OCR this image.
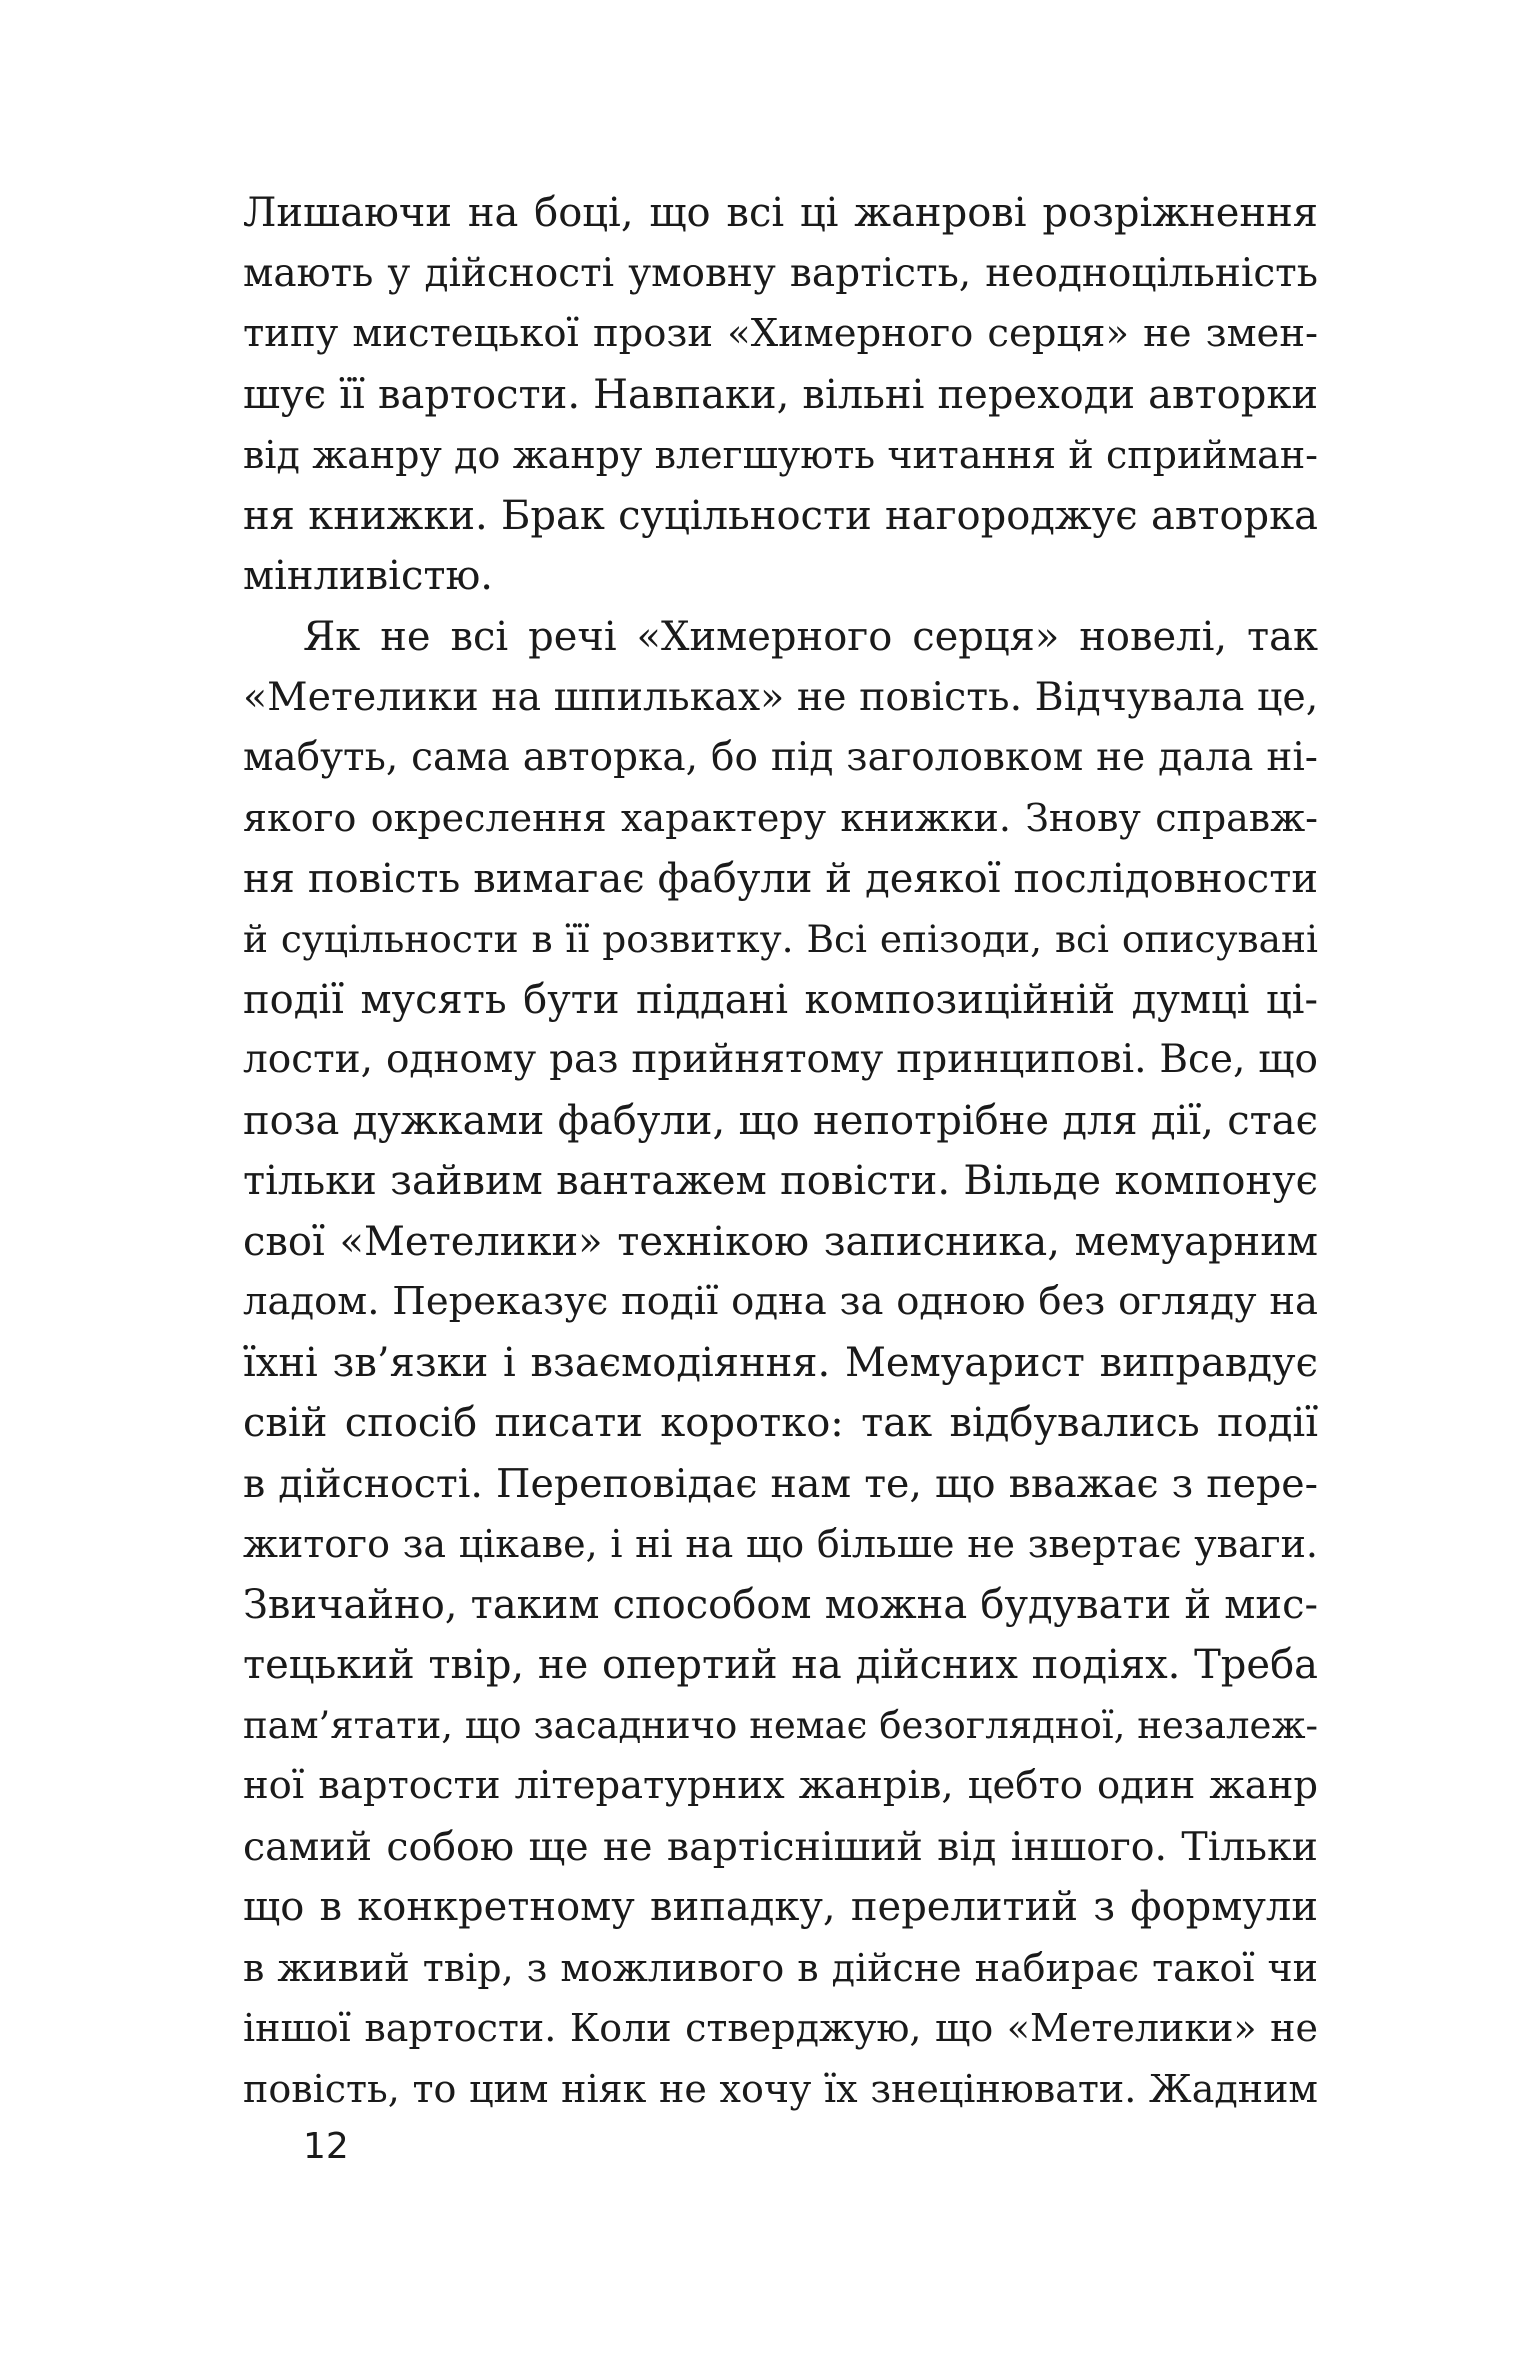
Лишаючи на боці, що всі ці жанрові розріжнення
мають у дійсності умовну вартість, неодноцільність
типу мистецької прози «Химерного серця» не змен-
шує її вартости. Навпаки, вільні переходи авторки
від жанру до жанру влегшують читання й сприйман-
ня книжки. Брак суцільности нагороджує авторка
мінливістю.
Як не всі речі «Химерного серця» новелі, так
«Метелики на шпильках» не повість. Відчувала це,
мабуть, сама авторка, бо під заголовком не дала ні-
якого окреслення характеру книжки. Знову справж-
ня повість вимагає фабули й деякої послідовности
й суцільности в її розвитку. Всі епізоди, всі описувані
події мусять бути піддані композиційній думці ці-
лости, одному раз прийнятому принципові. Все, що
поза дужками фабули, що непотрібне для дії, стає
тільки зайвим вантажем повісти. Вільде компонує
свої «Метелики» технікою записника, мемуарним
ладом. Переказує події одна за одною без огляду на
їхні зв’язки і взаємодіяння. Мемуарист виправдує
свій спосіб писати коротко: так відбувались події
в дійсності. Переповідає нам те, що вважає з пере-
житого за цікаве, і ні на що більше не звертає уваги.
Звичайно, таким способом можна будувати й мис-
тецький твір, не опертий на дійсних подіях. Треба
пам’ятати, що засадничо немає безоглядної, незалеж-
ної вартости літературних жанрів, цебто один жанр
самий собою ще не вартісніший від іншого. Тільки
що в конкретному випадку, перелитий з формули
в живий твір, з можливого в дійсне набирає такої чи
іншої вартости. Коли стверджую, що «Метелики» не
повість, то цим ніяк не хочу їх знецінювати. Жадним
12
